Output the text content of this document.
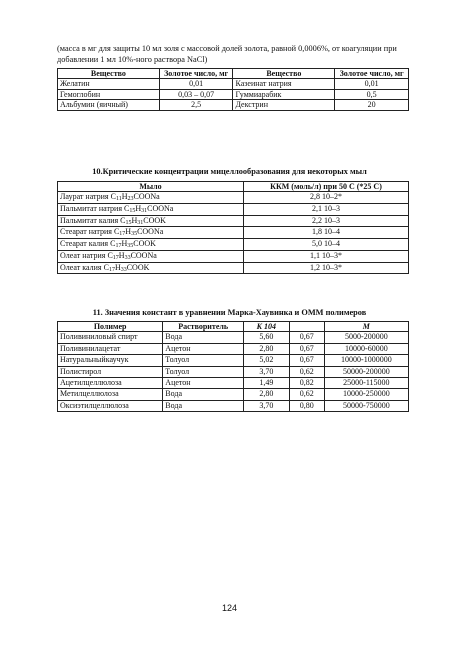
(масса в мг для защиты 10 мл золя с массовой долей золота, равной 0,0006%, от коагуляции при добавлении 1 мл 10%-ного раствора NaCl)
Вещество	Золотое число, мг	Вещество	Золотое число, мг
Желатин	0,01	Казеинат натрия	0,01
Гемоглобин	0,03 – 0,07	Гуммиарабик	0,5
Альбумин (яичный)	2,5	Декстрин	20
10.Критические концентрации мицеллообразования для некоторых мыл
Мыло	ККМ (моль/л) при 50 С (*25 С)
Лаурат натрия $С_{11}Н_{23}COONa$	2,8 10–2*
Пальмитат натрия $С_{15}Н_{31}COONa$	2,1 10–3
Пальмитат калия $С_{15}Н_{31}COOK$	2,2 10–3
Стеарат натрия $С_{17}Н_{35}COONa$	1,8 10–4
Стеарат калия $С_{17}Н_{35}COOK$	5,0 10–4
Олеат натрия $С_{17}Н_{33}COONa$	1,1 10–3*
Олеат калия $С_{17}Н_{33}COOK$	1,2 10–3*
11. Значения констант в уравнении Марка-Хаувинка и ОММ полимеров
Полимер	Растворитель	K 104		M
Поливиниловый спирт	Вода	5,60	0,67	5000-200000
Поливинилацетат	Ацетон	2,80	0,67	10000-60000
Натуральныйкаучук	Толуол	5,02	0,67	10000-1000000
Полистирол	Толуол	3,70	0,62	50000-200000
Ацетилцеллюлоза	Ацетон	1,49	0,82	25000-115000
Метилцеллюлоза	Вода	2,80	0,62	10000-250000
Оксиэтилцеллюлоза	Вода	3,70	0,80	50000-750000
124
